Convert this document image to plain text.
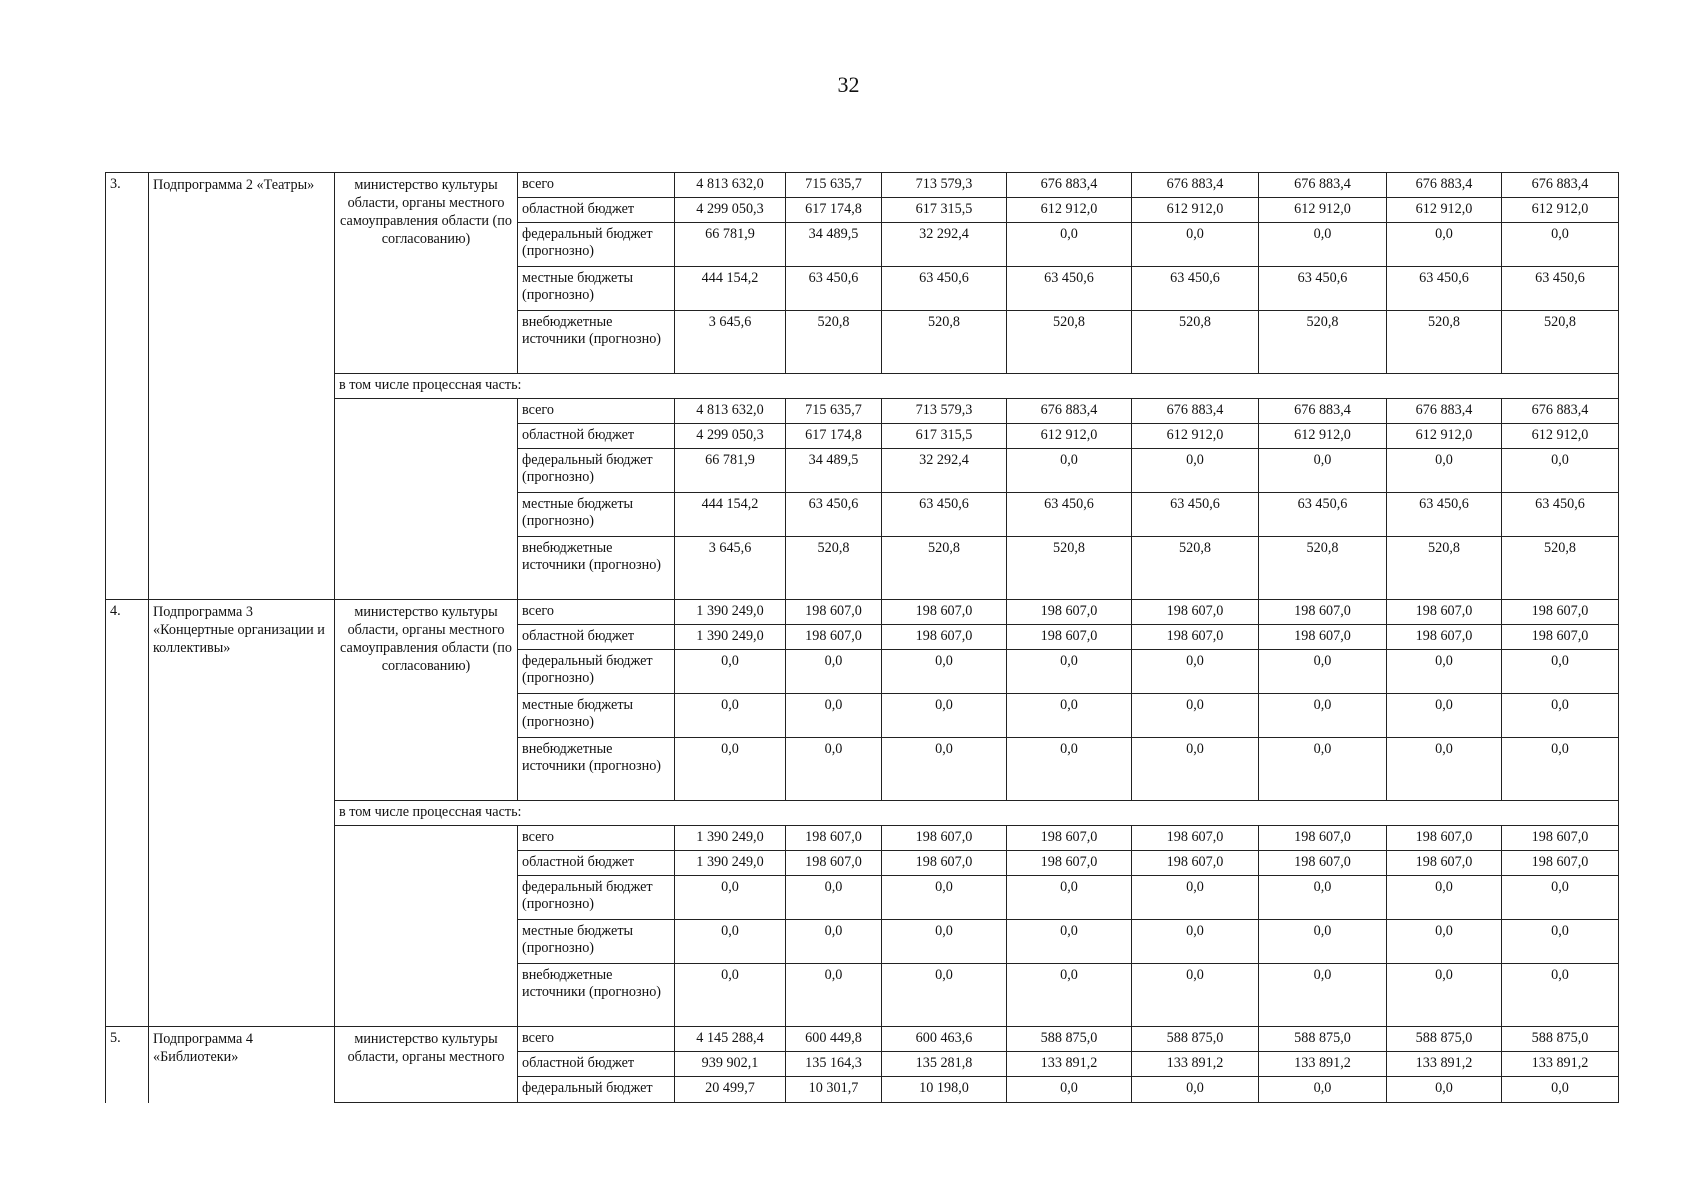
32
3.	Подпрограмма 2 «Театры»	министерство культуры области, органы местного самоуправления области (по согласованию)	всего	4 813 632,0	715 635,7	713 579,3	676 883,4	676 883,4	676 883,4	676 883,4	676 883,4
			областной бюджет	4 299 050,3	617 174,8	617 315,5	612 912,0	612 912,0	612 912,0	612 912,0	612 912,0
			федеральный бюджет (прогнозно)	66 781,9	34 489,5	32 292,4	0,0	0,0	0,0	0,0	0,0
			местные бюджеты (прогнозно)	444 154,2	63 450,6	63 450,6	63 450,6	63 450,6	63 450,6	63 450,6	63 450,6
			внебюджетные источники (прогнозно)	3 645,6	520,8	520,8	520,8	520,8	520,8	520,8	520,8
		в том числе процессная часть:									
			всего	4 813 632,0	715 635,7	713 579,3	676 883,4	676 883,4	676 883,4	676 883,4	676 883,4
			областной бюджет	4 299 050,3	617 174,8	617 315,5	612 912,0	612 912,0	612 912,0	612 912,0	612 912,0
			федеральный бюджет (прогнозно)	66 781,9	34 489,5	32 292,4	0,0	0,0	0,0	0,0	0,0
			местные бюджеты (прогнозно)	444 154,2	63 450,6	63 450,6	63 450,6	63 450,6	63 450,6	63 450,6	63 450,6
			внебюджетные источники (прогнозно)	3 645,6	520,8	520,8	520,8	520,8	520,8	520,8	520,8
4.	Подпрограмма 3 «Концертные организации и коллективы»	министерство культуры области, органы местного самоуправления области (по согласованию)	всего	1 390 249,0	198 607,0	198 607,0	198 607,0	198 607,0	198 607,0	198 607,0	198 607,0
			областной бюджет	1 390 249,0	198 607,0	198 607,0	198 607,0	198 607,0	198 607,0	198 607,0	198 607,0
			федеральный бюджет (прогнозно)	0,0	0,0	0,0	0,0	0,0	0,0	0,0	0,0
			местные бюджеты (прогнозно)	0,0	0,0	0,0	0,0	0,0	0,0	0,0	0,0
			внебюджетные источники (прогнозно)	0,0	0,0	0,0	0,0	0,0	0,0	0,0	0,0
		в том числе процессная часть:									
			всего	1 390 249,0	198 607,0	198 607,0	198 607,0	198 607,0	198 607,0	198 607,0	198 607,0
			областной бюджет	1 390 249,0	198 607,0	198 607,0	198 607,0	198 607,0	198 607,0	198 607,0	198 607,0
			федеральный бюджет (прогнозно)	0,0	0,0	0,0	0,0	0,0	0,0	0,0	0,0
			местные бюджеты (прогнозно)	0,0	0,0	0,0	0,0	0,0	0,0	0,0	0,0
			внебюджетные источники (прогнозно)	0,0	0,0	0,0	0,0	0,0	0,0	0,0	0,0
5.	Подпрограмма 4 «Библиотеки»	министерство культуры области, органы местного	всего	4 145 288,4	600 449,8	600 463,6	588 875,0	588 875,0	588 875,0	588 875,0	588 875,0
			областной бюджет	939 902,1	135 164,3	135 281,8	133 891,2	133 891,2	133 891,2	133 891,2	133 891,2
			федеральный бюджет	20 499,7	10 301,7	10 198,0	0,0	0,0	0,0	0,0	0,0
